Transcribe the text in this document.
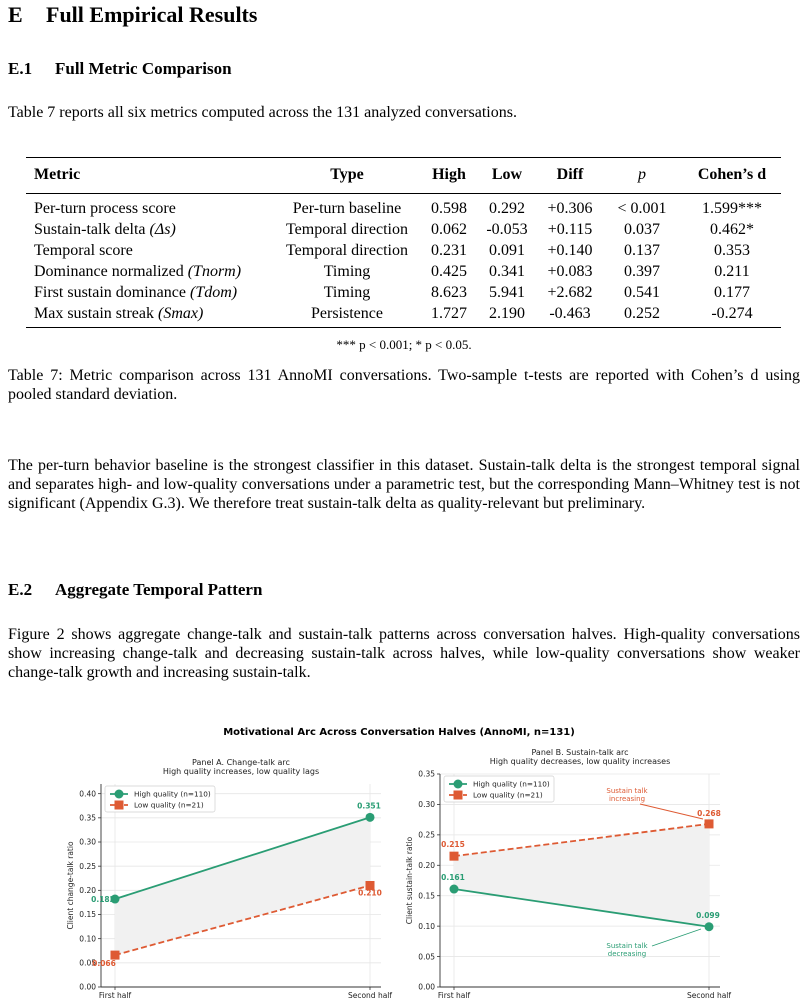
E Full Empirical Results
E.1 Full Metric Comparison
Table 7 reports all six metrics computed across the 131 analyzed conversations.
Metric	Type	High	Low	Diff	p	Cohen’s d

Per-turn process score	Per-turn baseline	0.598	0.292	+0.306	< 0.001	1.599***
Sustain-talk delta (Δs)	Temporal direction	0.062	-0.053	+0.115	0.037	0.462*
Temporal score	Temporal direction	0.231	0.091	+0.140	0.137	0.353
Dominance normalized (Tnorm)	Timing	0.425	0.341	+0.083	0.397	0.211
First sustain dominance (Tdom)	Timing	8.623	5.941	+2.682	0.541	0.177
Max sustain streak (Smax)	Persistence	1.727	2.190	-0.463	0.252	-0.274
*** p < 0.001; * p < 0.05.
Table 7: Metric comparison across 131 AnnoMI conversations. Two-sample t-tests are reported with Cohen’s d using pooled standard deviation.
The per-turn behavior baseline is the strongest classifier in this dataset. Sustain-talk delta is the strongest temporal signal and separates high- and low-quality conversations under a parametric test, but the corresponding Mann–Whitney test is not significant (Appendix G.3). We therefore treat sustain-talk delta as quality-relevant but preliminary.
E.2 Aggregate Temporal Pattern
Figure 2 shows aggregate change-talk and sustain-talk patterns across conversation halves. High-quality conversations show increasing change-talk and decreasing sustain-talk across halves, while low-quality conversations show weaker change-talk growth and increasing sustain-talk.
Motivational Arc Across Conversation Halves (AnnoMI, n=131)
Panel A. Change-talk arc
High quality increases, low quality lags
0.00
0.05
0.10
0.15
0.20
0.25
0.30
0.35
0.40
First half	Second half
Client change-talk ratio 0.182
0.351
0.066
0.210
High quality (n=110)
Low quality (n=21)
Panel B. Sustain-talk arc
High quality decreases, low quality increases
0.00
0.05
0.10
0.15
0.20
0.25
0.30
0.35
First half	Second half
Client sustain-talk ratio	0.161
0.099
0.215
0.268
High quality (n=110)
Low quality (n=21)	Sustain talk
increasing
Sustain talk
decreasing
